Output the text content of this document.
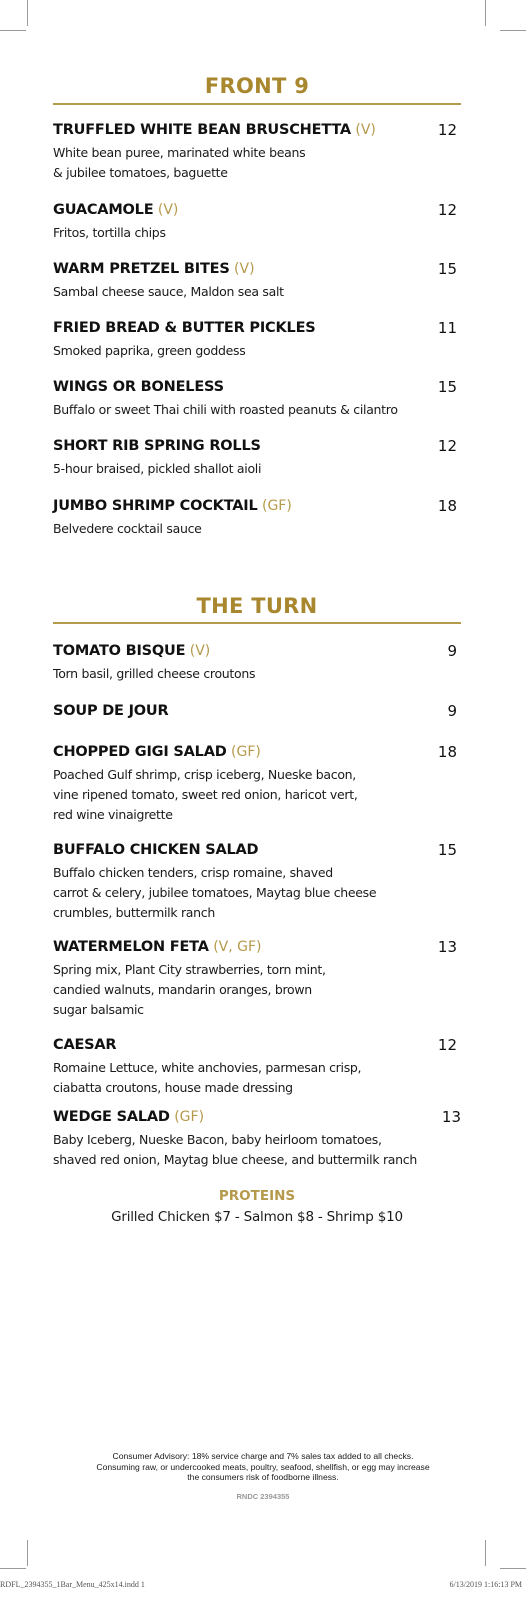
FRONT 9
TRUFFLED WHITE BEAN BRUSCHETTA (V)	12
White bean puree, marinated white beans
& jubilee tomatoes, baguette
GUACAMOLE (V)	12
Fritos, tortilla chips
WARM PRETZEL BITES (V)	15
Sambal cheese sauce, Maldon sea salt
FRIED BREAD & BUTTER PICKLES	11
Smoked paprika, green goddess
WINGS OR BONELESS	15
Buffalo or sweet Thai chili with roasted peanuts & cilantro
SHORT RIB SPRING ROLLS	12
5-hour braised, pickled shallot aioli
JUMBO SHRIMP COCKTAIL (GF)	18
Belvedere cocktail sauce
THE TURN
TOMATO BISQUE (V)	9
Torn basil, grilled cheese croutons
SOUP DE JOUR	9
CHOPPED GIGI SALAD (GF)	18
Poached Gulf shrimp, crisp iceberg, Nueske bacon,
vine ripened tomato, sweet red onion, haricot vert,
red wine vinaigrette
BUFFALO CHICKEN SALAD	15
Buffalo chicken tenders, crisp romaine, shaved
carrot & celery, jubilee tomatoes, Maytag blue cheese
crumbles, buttermilk ranch
WATERMELON FETA (V, GF)	13
Spring mix, Plant City strawberries, torn mint,
candied walnuts, mandarin oranges, brown
sugar balsamic
CAESAR	12
Romaine Lettuce, white anchovies, parmesan crisp,
ciabatta croutons, house made dressing
WEDGE SALAD (GF)	13
Baby Iceberg, Nueske Bacon, baby heirloom tomatoes,
shaved red onion, Maytag blue cheese, and buttermilk ranch
PROTEINS
Grilled Chicken $7 - Salmon $8 - Shrimp $10
Consumer Advisory: 18% service charge and 7% sales tax added to all checks.
Consuming raw, or undercooked meats, poultry, seafood, shellfish, or egg may increase
the consumers risk of foodborne illness.
RNDC 2394355
RDFL_2394355_1Bar_Menu_425x14.indd 1	6/13/2019 1:16:13 PM
